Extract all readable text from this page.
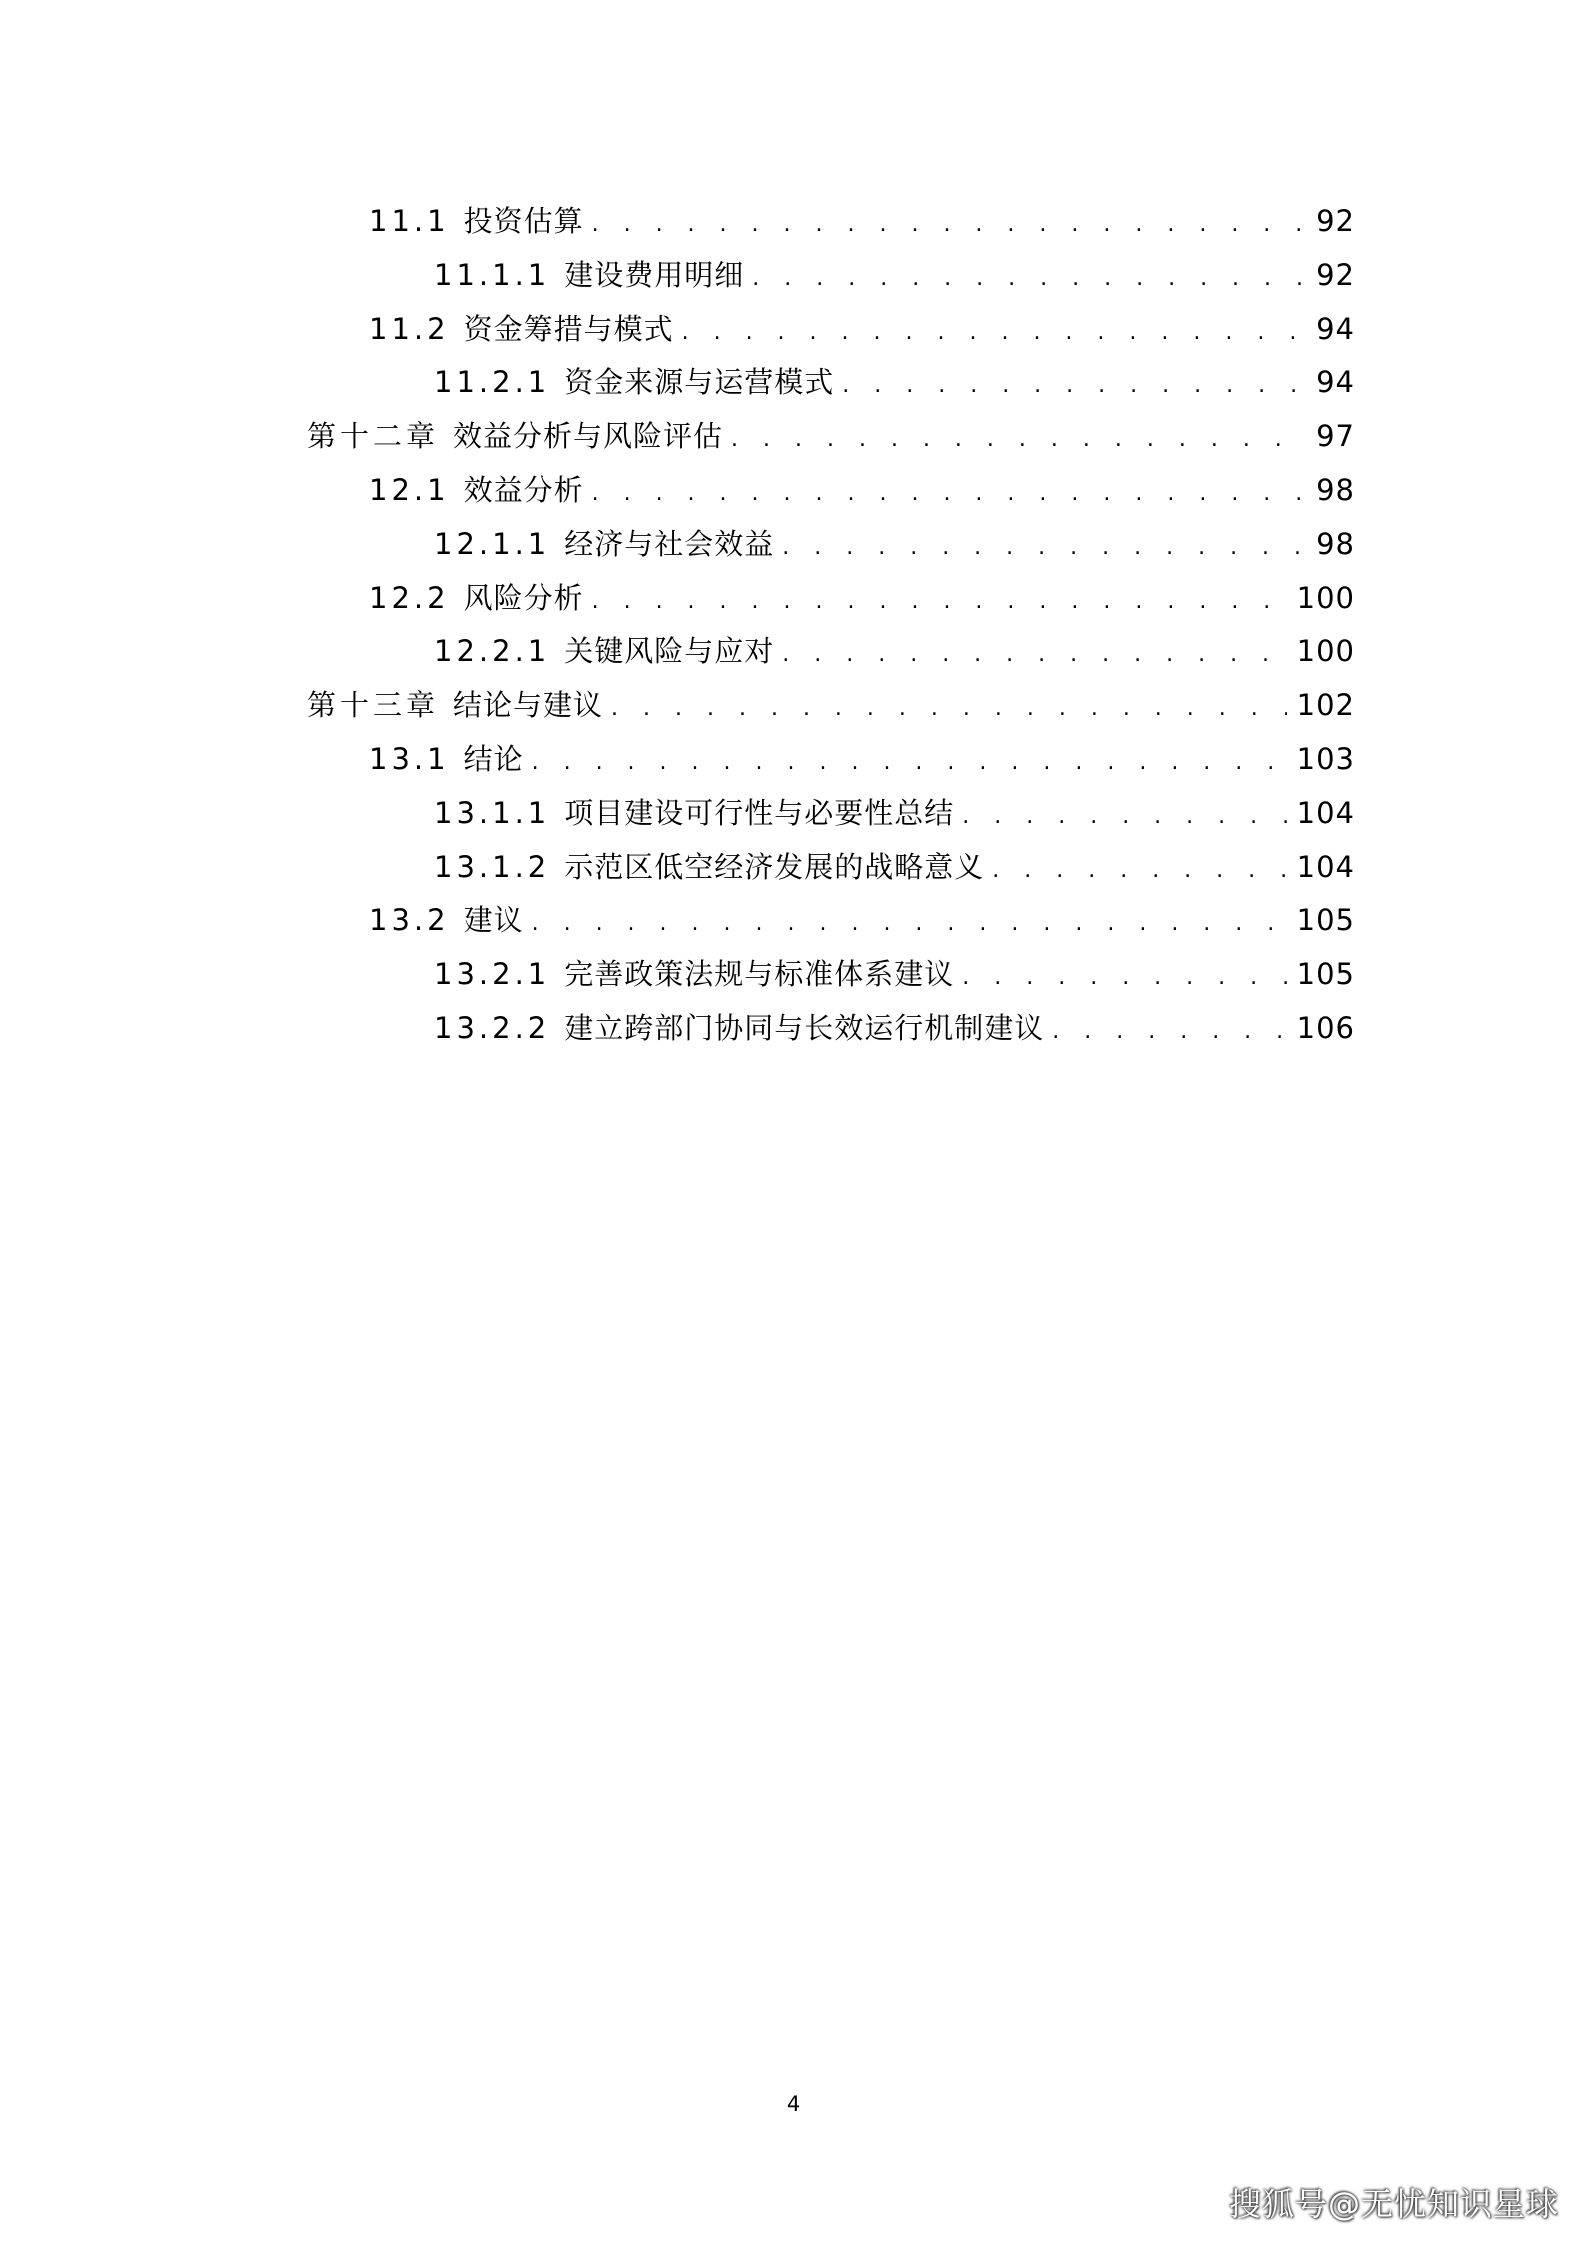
11.1 投资估算 . . .	92
11.1.1 建设费用明细 . . .	92
11.2 资金筹措与模式 . . .	94
11.2.1 资金来源与运营模式 . . .	94
第十二章 效益分析与风险评估 . . .	97
12.1 效益分析 . . .	98
12.1.1 经济与社会效益 . . .	98
12.2 风险分析 . . .	100
12.2.1 关键风险与应对 . . .	100
第十三章 结论与建议 . . .	102
13.1 结论 . . .	103
13.1.1 项目建设可行性与必要性总结 . . .	104
13.1.2 示范区低空经济发展的战略意义 . . .	104
13.2 建议 . . .	105
13.2.1 完善政策法规与标准体系建议 . . .	105
13.2.2 建立跨部门协同与长效运行机制建议 . . .	106
4
搜狐号@无忧知识星球
